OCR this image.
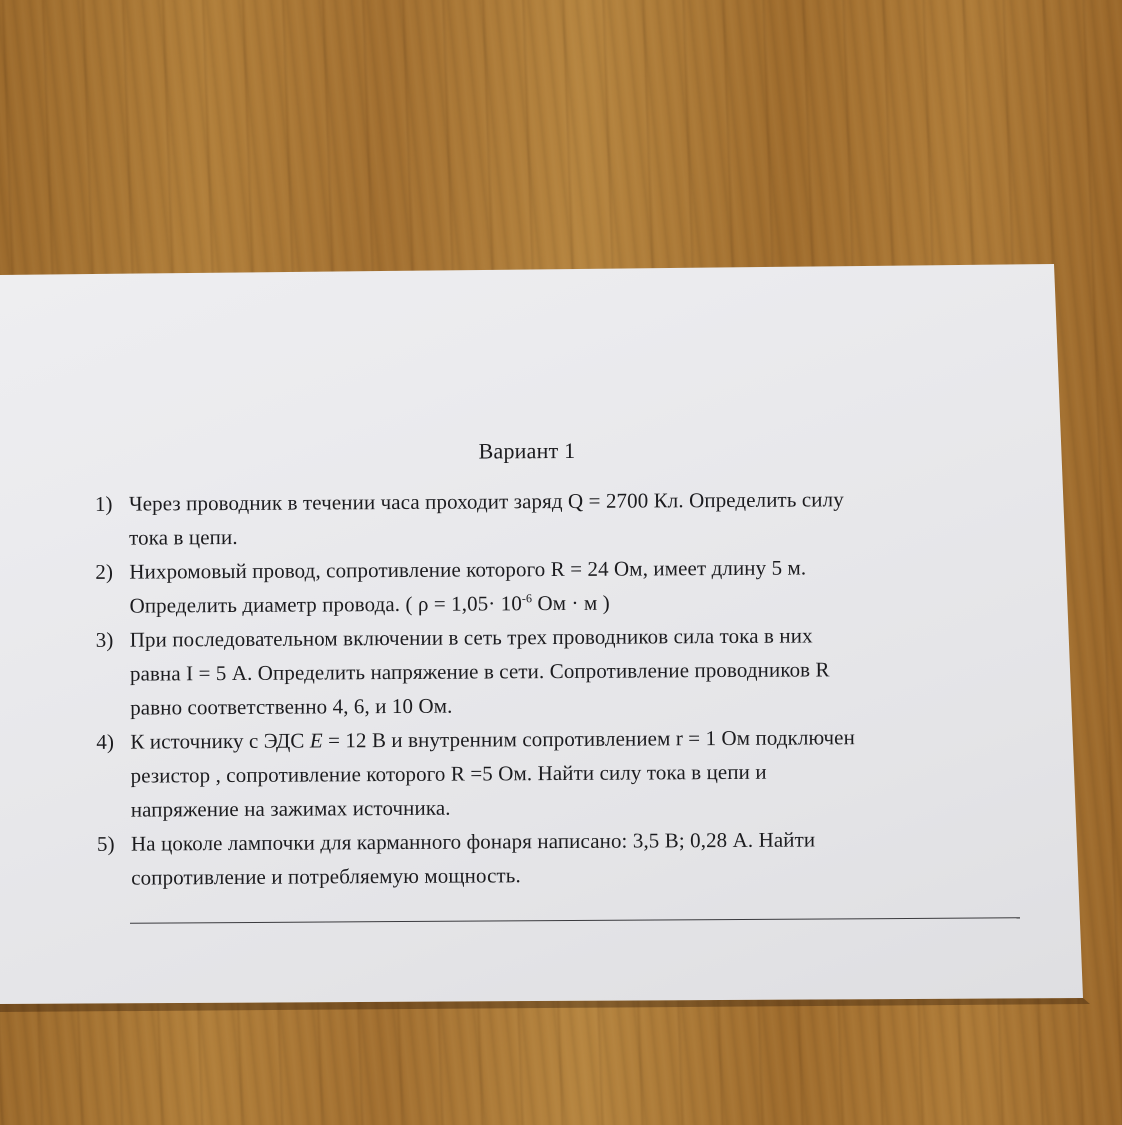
Вариант 1
1) Через проводник в течении часа проходит заряд Q = 2700 Кл. Определить силу
тока в цепи.
2) Нихромовый провод, сопротивление которого R = 24 Ом, имеет длину 5 м.
Определить диаметр провода. ( $\rho = 1,05\cdot 10^{-6}$ Ом · м )
3) При последовательном включении в сеть трех проводников сила тока в них
равна I = 5 А. Определить напряжение в сети. Сопротивление проводников R
равно соответственно 4, 6, и 10 Ом.
4) К источнику с ЭДС E = 12 В и внутренним сопротивлением r = 1 Ом подключен
резистор , сопротивление которого R =5 Ом. Найти силу тока в цепи и
напряжение на зажимах источника.
5) На цоколе лампочки для карманного фонаря написано: 3,5 В; 0,28 А. Найти
сопротивление и потребляемую мощность.
